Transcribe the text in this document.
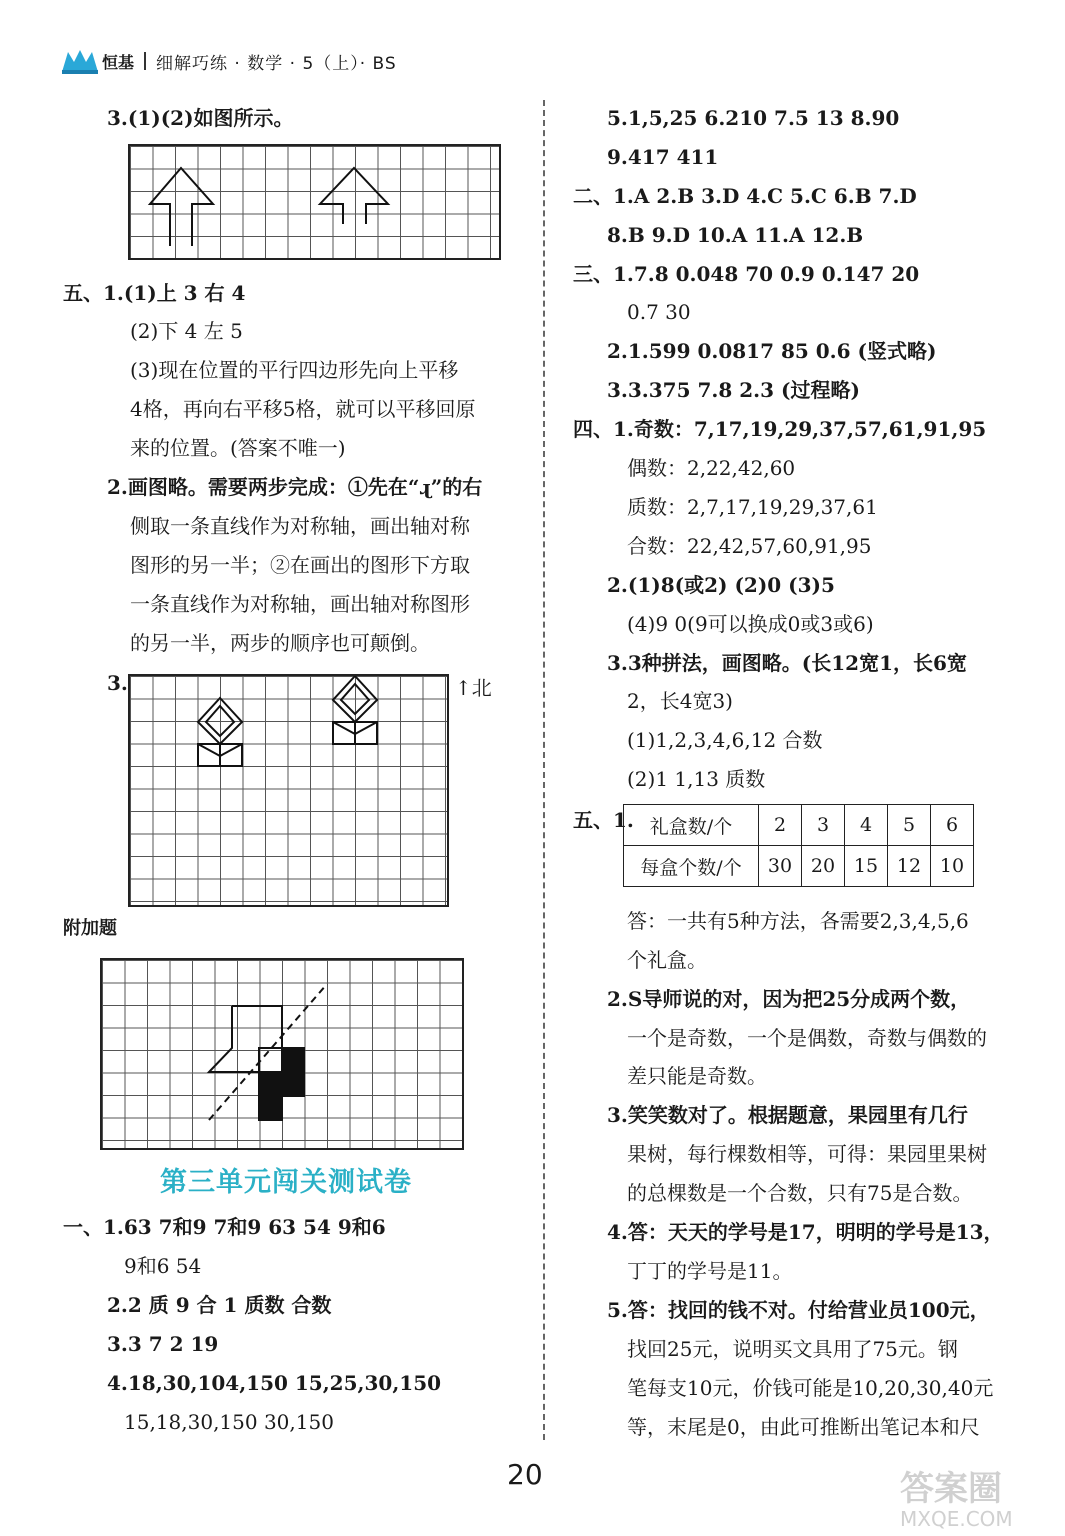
恒基 细解巧练 · 数学 · 5（上）· BS
3.(1)(2)如图所示。
五、1.(1)上 3 右 4
(2)下 4 左 5
(3)现在位置的平行四边形先向上平移
4格，再向右平移5格，就可以平移回原
来的位置。(答案不唯一)
2.画图略。需要两步完成：①先在“ɻ”的右
侧取一条直线作为对称轴，画出轴对称
图形的另一半；②在画出的图形下方取
一条直线作为对称轴，画出轴对称图形
的另一半，两步的顺序也可颠倒。
3.	↑北
附加题
第三单元闯关测试卷
一、1.63 7和9 7和9 63 54 9和6
9和6 54
2.2 质 9 合 1 质数 合数
3.3 7 2 19
4.18,30,104,150 15,25,30,150
15,18,30,150 30,150
5.1,5,25 6.210 7.5 13 8.90
9.417 411
二、1.A 2.B 3.D 4.C 5.C 6.B 7.D
8.B 9.D 10.A 11.A 12.B
三、1.7.8 0.048 70 0.9 0.147 20
0.7 30
2.1.599 0.0817 85 0.6 (竖式略)
3.3.375 7.8 2.3 (过程略)
四、1.奇数：7,17,19,29,37,57,61,91,95
偶数：2,22,42,60
质数：2,7,17,19,29,37,61
合数：22,42,57,60,91,95
2.(1)8(或2) (2)0 (3)5
(4)9 0(9可以换成0或3或6)
3.3种拼法，画图略。(长12宽1，长6宽
2，长4宽3)
(1)1,2,3,4,6,12 合数
(2)1 1,13 质数
五、1. 礼盒数/个	2	3	4	5	6
每盒个数/个	30	20	15	12	10
答：一共有5种方法，各需要2,3,4,5,6
个礼盒。
2.S导师说的对，因为把25分成两个数，
一个是奇数，一个是偶数，奇数与偶数的
差只能是奇数。
3.笑笑数对了。根据题意，果园里有几行
果树，每行棵数相等，可得：果园里果树
的总棵数是一个合数，只有75是合数。
4.答：天天的学号是17，明明的学号是13，
丁丁的学号是11。
5.答：找回的钱不对。付给营业员100元，
找回25元，说明买文具用了75元。钢
笔每支10元，价钱可能是10,20,30,40元
等，末尾是0，由此可推断出笔记本和尺
20	答案圈
MXQE.COM
